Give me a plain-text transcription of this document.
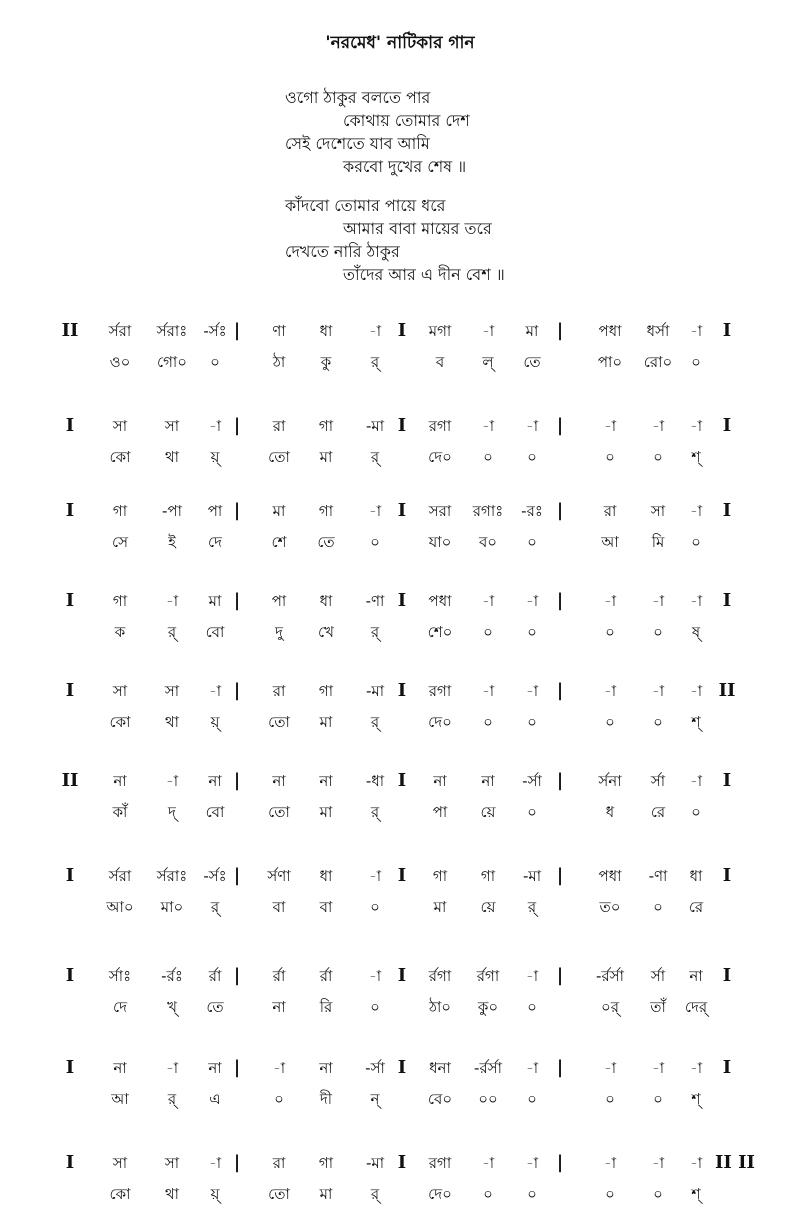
'নরমেধ' নাটিকার গান
ওগো ঠাকুর বলতে পার
কোথায় তোমার দেশ
সেই দেশেতে যাব আমি
করবো দুখের শেষ ॥
কাঁদবো তোমার পায়ে ধরে
আমার বাবা মায়ের তরে
দেখতে নারি ঠাকুর
তাঁদের আর এ দীন বেশ ॥
II	|	I	|	I
র্সরা	র্সরাঃ	-র্সঃ	ণা	ধা	-া	মগা	-া	মা	পধা	ধর্সা	-া
ও০	গো০	০	ঠা	কু	র্	ব	ল্	তে	পা০	রো০	০
I	|	I	|	I
সা	সা	-া	রা	গা	-মা	রগা	-া	-া	-া	-া	-া
কো	থা	য়্	তো	মা	র্	দে০	০	০	০	০	শ্
I	|	I	|	I
গা	-পা	পা	মা	গা	-া	সরা	রগাঃ	-রঃ	রা	সা	-া
সে	ই	দে	শে	তে	০	যা০	ব০	০	আ	মি	০
I	|	I	|	I
গা	-া	মা	পা	ধা	-ণা	পধা	-া	-া	-া	-া	-া
ক	র্	বো	দু	খে	র্	শে০	০	০	০	০	ষ্
I	|	I	|	II
সা	সা	-া	রা	গা	-মা	রগা	-া	-া	-া	-া	-া
কো	থা	য়্	তো	মা	র্	দে০	০	০	০	০	শ্
II	|	I	|	I
না	-া	না	না	না	-ধা	না	না	-র্সা	র্সনা	র্সা	-া
কাঁ	দ্	বো	তো	মা	র্	পা	য়ে	০	ধ	রে	০
I	|	I	|	I
র্সরা	র্সরাঃ	-র্সঃ	র্সণা	ধা	-া	গা	গা	-মা	পধা	-ণা	ধা
আ০	মা০	র্	বা	বা	০	মা	য়ে	র্	ত০	০	রে
I	|	I	|	I
র্সাঃ	-র্রঃ	র্রা	র্রা	র্রা	-া	র্রগা	র্রগা	-া	-র্রর্সা	র্সা	না
দে	খ্	তে	না	রি	০	ঠা০	কু০	০	০র্	তাঁ	দের্
I	|	I	|	I
না	-া	না	-া	না	-র্সা	ধনা	-র্রর্সা	-া	-া	-া	-া
আ	র্	এ	০	দী	ন্	বে০	০০	০	০	০	শ্
I	|	I	|	II II
সা	সা	-া	রা	গা	-মা	রগা	-া	-া	-া	-া	-া
কো	থা	য়্	তো	মা	র্	দে০	০	০	০	০	শ্
